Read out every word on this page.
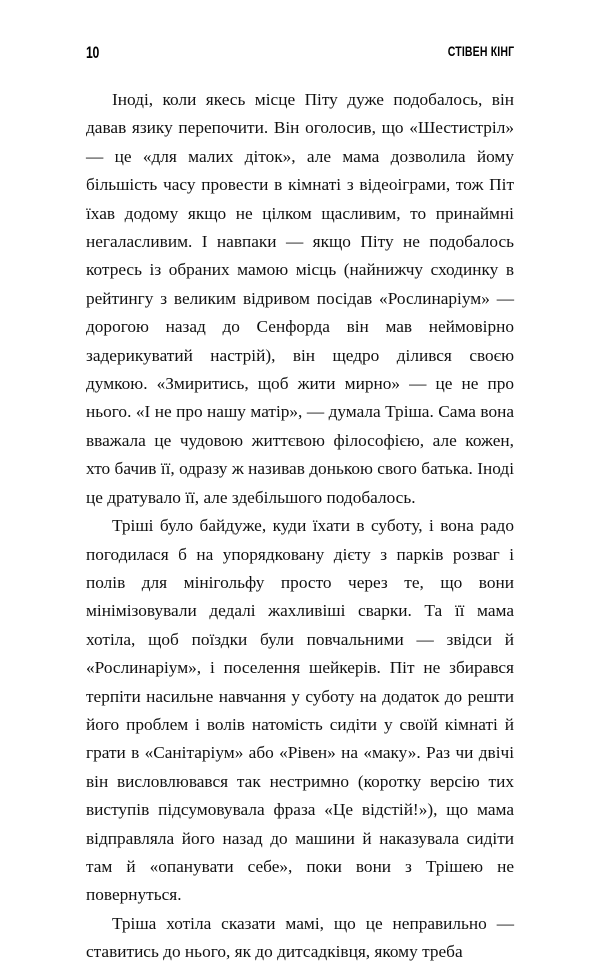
10	СТІВЕН КІНГ

Іноді, коли якесь місце Піту дуже подобалось, він давав язику перепочити. Він оголосив, що «Шестистріл» — це «для малих діток», але мама дозволила йому більшість часу провести в кімнаті з відеоіграми, тож Піт їхав додому якщо не цілком щасливим, то принаймні негаласливим. І навпаки — якщо Піту не подобалось котресь із обраних мамою місць (найнижчу сходинку в рейтингу з великим відривом посідав «Рослинаріум» — дорогою назад до Сенфорда він мав неймовірно задерикуватий настрій), він щедро ділився своєю думкою. «Змиритись, щоб жити мирно» — це не про нього. «І не про нашу матір», — думала Тріша. Сама вона вважала це чудовою життєвою філософією, але кожен, хто бачив її, одразу ж називав донькою свого батька. Іноді це дратувало її, але здебільшого подобалось.

Тріші було байдуже, куди їхати в суботу, і вона радо погодилася б на упорядковану дієту з парків розваг і полів для мінігольфу просто через те, що вони мінімізовували дедалі жахливіші сварки. Та її мама хотіла, щоб поїздки були повчальними — звідси й «Рослинаріум», і поселення шейкерів. Піт не збирався терпіти насильне навчання у суботу на додаток до решти його проблем і волів натомість сидіти у своїй кімнаті й грати в «Санітаріум» або «Рівен» на «маку». Раз чи двічі він висловлювався так нестримно (коротку версію тих виступів підсумовувала фраза «Це відстій!»), що мама відправляла його назад до машини й наказувала сидіти там й «опанувати себе», поки вони з Трішею не повернуться.

Тріша хотіла сказати мамі, що це неправильно — ставитись до нього, як до дитсадківця, якому треба
